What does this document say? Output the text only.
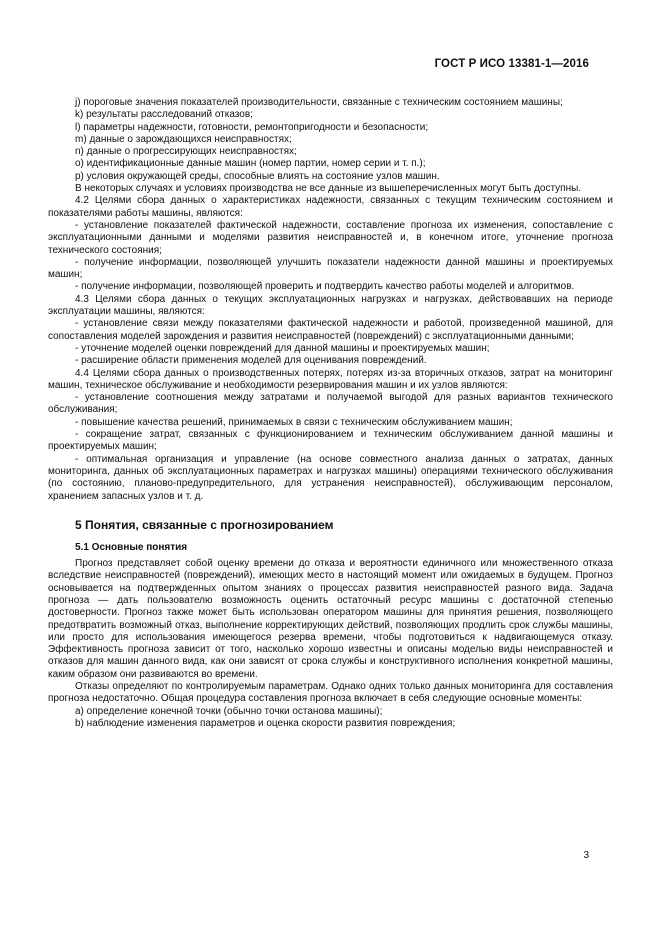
ГОСТ Р ИСО 13381-1—2016

j) пороговые значения показателей производительности, связанные с техническим состоянием машины;

k) результаты расследований отказов;

l) параметры надежности, готовности, ремонтопригодности и безопасности;

m) данные о зарождающихся неисправностях;

n) данные о прогрессирующих неисправностях;

o) идентификационные данные машин (номер партии, номер серии и т. п.);

p) условия окружающей среды, способные влиять на состояние узлов машин.

В некоторых случаях и условиях производства не все данные из вышеперечисленных могут быть доступны.

4.2 Целями сбора данных о характеристиках надежности, связанных с текущим техническим состоянием и показателями работы машины, являются:

- установление показателей фактической надежности, составление прогноза их изменения, сопоставление с эксплуатационными данными и моделями развития неисправностей и, в конечном итоге, уточнение прогноза технического состояния;

- получение информации, позволяющей улучшить показатели надежности данной машины и проектируемых машин;

- получение информации, позволяющей проверить и подтвердить качество работы моделей и алгоритмов.

4.3 Целями сбора данных о текущих эксплуатационных нагрузках и нагрузках, действовавших на периоде эксплуатации машины, являются:

- установление связи между показателями фактической надежности и работой, произведенной машиной, для сопоставления моделей зарождения и развития неисправностей (повреждений) с эксплуатационными данными;

- уточнение моделей оценки повреждений для данной машины и проектируемых машин;

- расширение области применения моделей для оценивания повреждений.

4.4 Целями сбора данных о производственных потерях, потерях из-за вторичных отказов, затрат на мониторинг машин, техническое обслуживание и необходимости резервирования машин и их узлов являются:

- установление соотношения между затратами и получаемой выгодой для разных вариантов технического обслуживания;

- повышение качества решений, принимаемых в связи с техническим обслуживанием машин;

- сокращение затрат, связанных с функционированием и техническим обслуживанием данной машины и проектируемых машин;

- оптимальная организация и управление (на основе совместного анализа данных о затратах, данных мониторинга, данных об эксплуатационных параметрах и нагрузках машины) операциями технического обслуживания (по состоянию, планово-предупредительного, для устранения неисправностей), обслуживающим персоналом, хранением запасных узлов и т. д.

5 Понятия, связанные с прогнозированием
5.1 Основные понятия

Прогноз представляет собой оценку времени до отказа и вероятности единичного или множественного отказа вследствие неисправностей (повреждений), имеющих место в настоящий момент или ожидаемых в будущем. Прогноз основывается на подтвержденных опытом знаниях о процессах развития неисправностей разного вида. Задача прогноза — дать пользователю возможность оценить остаточный ресурс машины с достаточной степенью достоверности. Прогноз также может быть использован оператором машины для принятия решения, позволяющего предотвратить возможный отказ, выполнение корректирующих действий, позволяющих продлить срок службы машины, или просто для использования имеющегося резерва времени, чтобы подготовиться к надвигающемуся отказу. Эффективность прогноза зависит от того, насколько хорошо известны и описаны моделью виды неисправностей и отказов для машин данного вида, как они зависят от срока службы и конструктивного исполнения конкретной машины, каким образом они развиваются во времени.

Отказы определяют по контролируемым параметрам. Однако одних только данных мониторинга для составления прогноза недостаточно. Общая процедура составления прогноза включает в себя следующие основные моменты:

a) определение конечной точки (обычно точки останова машины);

b) наблюдение изменения параметров и оценка скорости развития повреждения;

3
